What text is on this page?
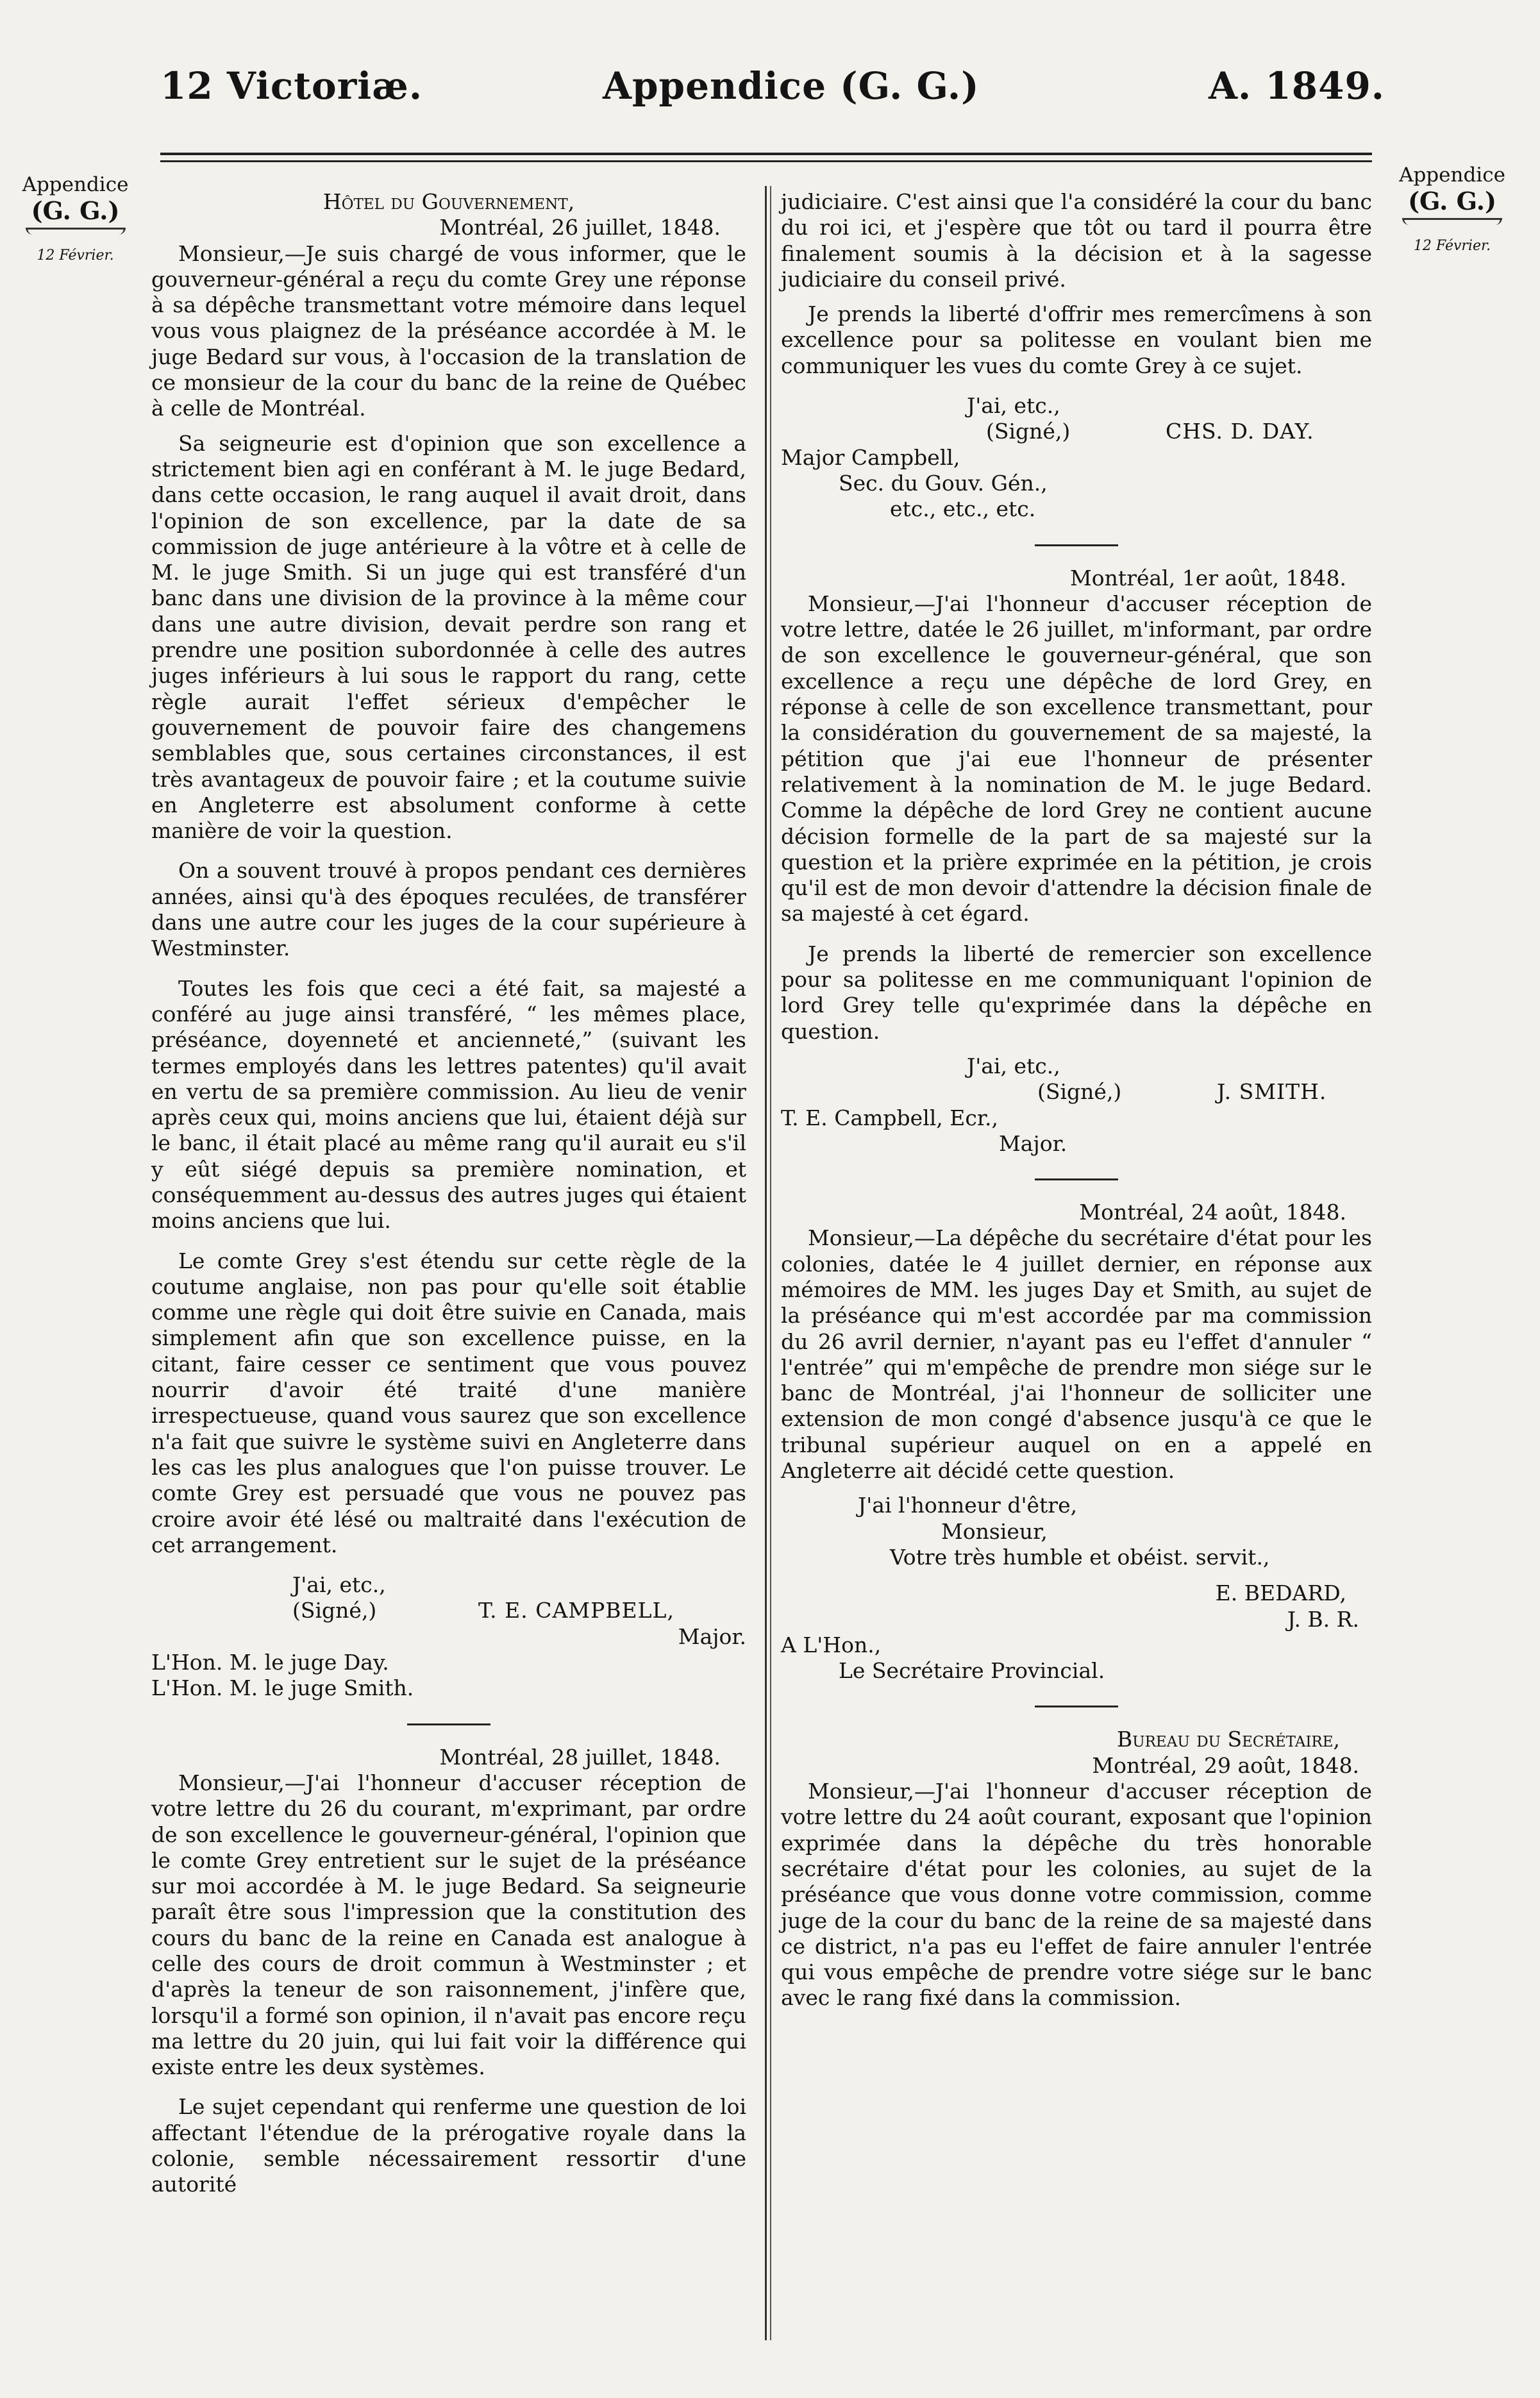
12 Victoriæ.	Appendice (G. G.)	A. 1849.
Appendice
(G. G.)
12 Février.
Appendice
(G. G.)
12 Février.

Hôtel du Gouvernement,

Montréal, 26 juillet, 1848.

Monsieur,—Je suis chargé de vous informer, que le gouverneur-général a reçu du comte Grey une réponse à sa dépêche transmettant votre mémoire dans lequel vous vous plaignez de la préséance accordée à M. le juge Bedard sur vous, à l'occasion de la translation de ce monsieur de la cour du banc de la reine de Québec à celle de Montréal.

Sa seigneurie est d'opinion que son excellence a strictement bien agi en conférant à M. le juge Bedard, dans cette occasion, le rang auquel il avait droit, dans l'opinion de son excellence, par la date de sa commission de juge antérieure à la vôtre et à celle de M. le juge Smith. Si un juge qui est transféré d'un banc dans une division de la province à la même cour dans une autre division, devait perdre son rang et prendre une position subordonnée à celle des autres juges inférieurs à lui sous le rapport du rang, cette règle aurait l'effet sérieux d'empêcher le gouvernement de pouvoir faire des changemens semblables que, sous certaines circonstances, il est très avantageux de pouvoir faire ; et la coutume suivie en Angleterre est absolument conforme à cette manière de voir la question.

On a souvent trouvé à propos pendant ces dernières années, ainsi qu'à des époques reculées, de transférer dans une autre cour les juges de la cour supérieure à Westminster.

Toutes les fois que ceci a été fait, sa majesté a conféré au juge ainsi transféré, “ les mêmes place, préséance, doyenneté et ancienneté,” (suivant les termes employés dans les lettres patentes) qu'il avait en vertu de sa première commission. Au lieu de venir après ceux qui, moins anciens que lui, étaient déjà sur le banc, il était placé au même rang qu'il aurait eu s'il y eût siégé depuis sa première nomination, et conséquemment au-dessus des autres juges qui étaient moins anciens que lui.

Le comte Grey s'est étendu sur cette règle de la coutume anglaise, non pas pour qu'elle soit établie comme une règle qui doit être suivie en Canada, mais simplement afin que son excellence puisse, en la citant, faire cesser ce sentiment que vous pouvez nourrir d'avoir été traité d'une manière irrespectueuse, quand vous saurez que son excellence n'a fait que suivre le système suivi en Angleterre dans les cas les plus analogues que l'on puisse trouver. Le comte Grey est persuadé que vous ne pouvez pas croire avoir été lésé ou maltraité dans l'exécution de cet arrangement.

J'ai, etc.,

(Signé,)	T. E. CAMPBELL,

Major.

L'Hon. M. le juge Day.

L'Hon. M. le juge Smith.

Montréal, 28 juillet, 1848.

Monsieur,—J'ai l'honneur d'accuser réception de votre lettre du 26 du courant, m'exprimant, par ordre de son excellence le gouverneur-général, l'opinion que le comte Grey entretient sur le sujet de la préséance sur moi accordée à M. le juge Bedard. Sa seigneurie paraît être sous l'impression que la constitution des cours du banc de la reine en Canada est analogue à celle des cours de droit commun à Westminster ; et d'après la teneur de son raisonnement, j'infère que, lorsqu'il a formé son opinion, il n'avait pas encore reçu ma lettre du 20 juin, qui lui fait voir la différence qui existe entre les deux systèmes.

Le sujet cependant qui renferme une question de loi affectant l'étendue de la prérogative royale dans la colonie, semble nécessairement ressortir d'une autorité

judiciaire. C'est ainsi que l'a considéré la cour du banc du roi ici, et j'espère que tôt ou tard il pourra être finalement soumis à la décision et à la sagesse judiciaire du conseil privé.

Je prends la liberté d'offrir mes remercîmens à son excellence pour sa politesse en voulant bien me communiquer les vues du comte Grey à ce sujet.

J'ai, etc.,

(Signé,)	CHS. D. DAY.

Major Campbell,

Sec. du Gouv. Gén.,

etc., etc., etc.

Montréal, 1er août, 1848.

Monsieur,—J'ai l'honneur d'accuser réception de votre lettre, datée le 26 juillet, m'informant, par ordre de son excellence le gouverneur-général, que son excellence a reçu une dépêche de lord Grey, en réponse à celle de son excellence transmettant, pour la considération du gouvernement de sa majesté, la pétition que j'ai eue l'honneur de présenter relativement à la nomination de M. le juge Bedard. Comme la dépêche de lord Grey ne contient aucune décision formelle de la part de sa majesté sur la question et la prière exprimée en la pétition, je crois qu'il est de mon devoir d'attendre la décision finale de sa majesté à cet égard.

Je prends la liberté de remercier son excellence pour sa politesse en me communiquant l'opinion de lord Grey telle qu'exprimée dans la dépêche en question.

J'ai, etc.,

(Signé,)	J. SMITH.

T. E. Campbell, Ecr.,

Major.

Montréal, 24 août, 1848.

Monsieur,—La dépêche du secrétaire d'état pour les colonies, datée le 4 juillet dernier, en réponse aux mémoires de MM. les juges Day et Smith, au sujet de la préséance qui m'est accordée par ma commission du 26 avril dernier, n'ayant pas eu l'effet d'annuler “ l'entrée” qui m'empêche de prendre mon siége sur le banc de Montréal, j'ai l'honneur de solliciter une extension de mon congé d'absence jusqu'à ce que le tribunal supérieur auquel on en a appelé en Angleterre ait décidé cette question.

J'ai l'honneur d'être,

Monsieur,

Votre très humble et obéist. servit.,

E. BEDARD,

J. B. R.

A L'Hon.,

Le Secrétaire Provincial.

Bureau du Secrétaire,

Montréal, 29 août, 1848.

Monsieur,—J'ai l'honneur d'accuser réception de votre lettre du 24 août courant, exposant que l'opinion exprimée dans la dépêche du très honorable secrétaire d'état pour les colonies, au sujet de la préséance que vous donne votre commission, comme juge de la cour du banc de la reine de sa majesté dans ce district, n'a pas eu l'effet de faire annuler l'entrée qui vous empêche de prendre votre siége sur le banc avec le rang fixé dans la commission.
